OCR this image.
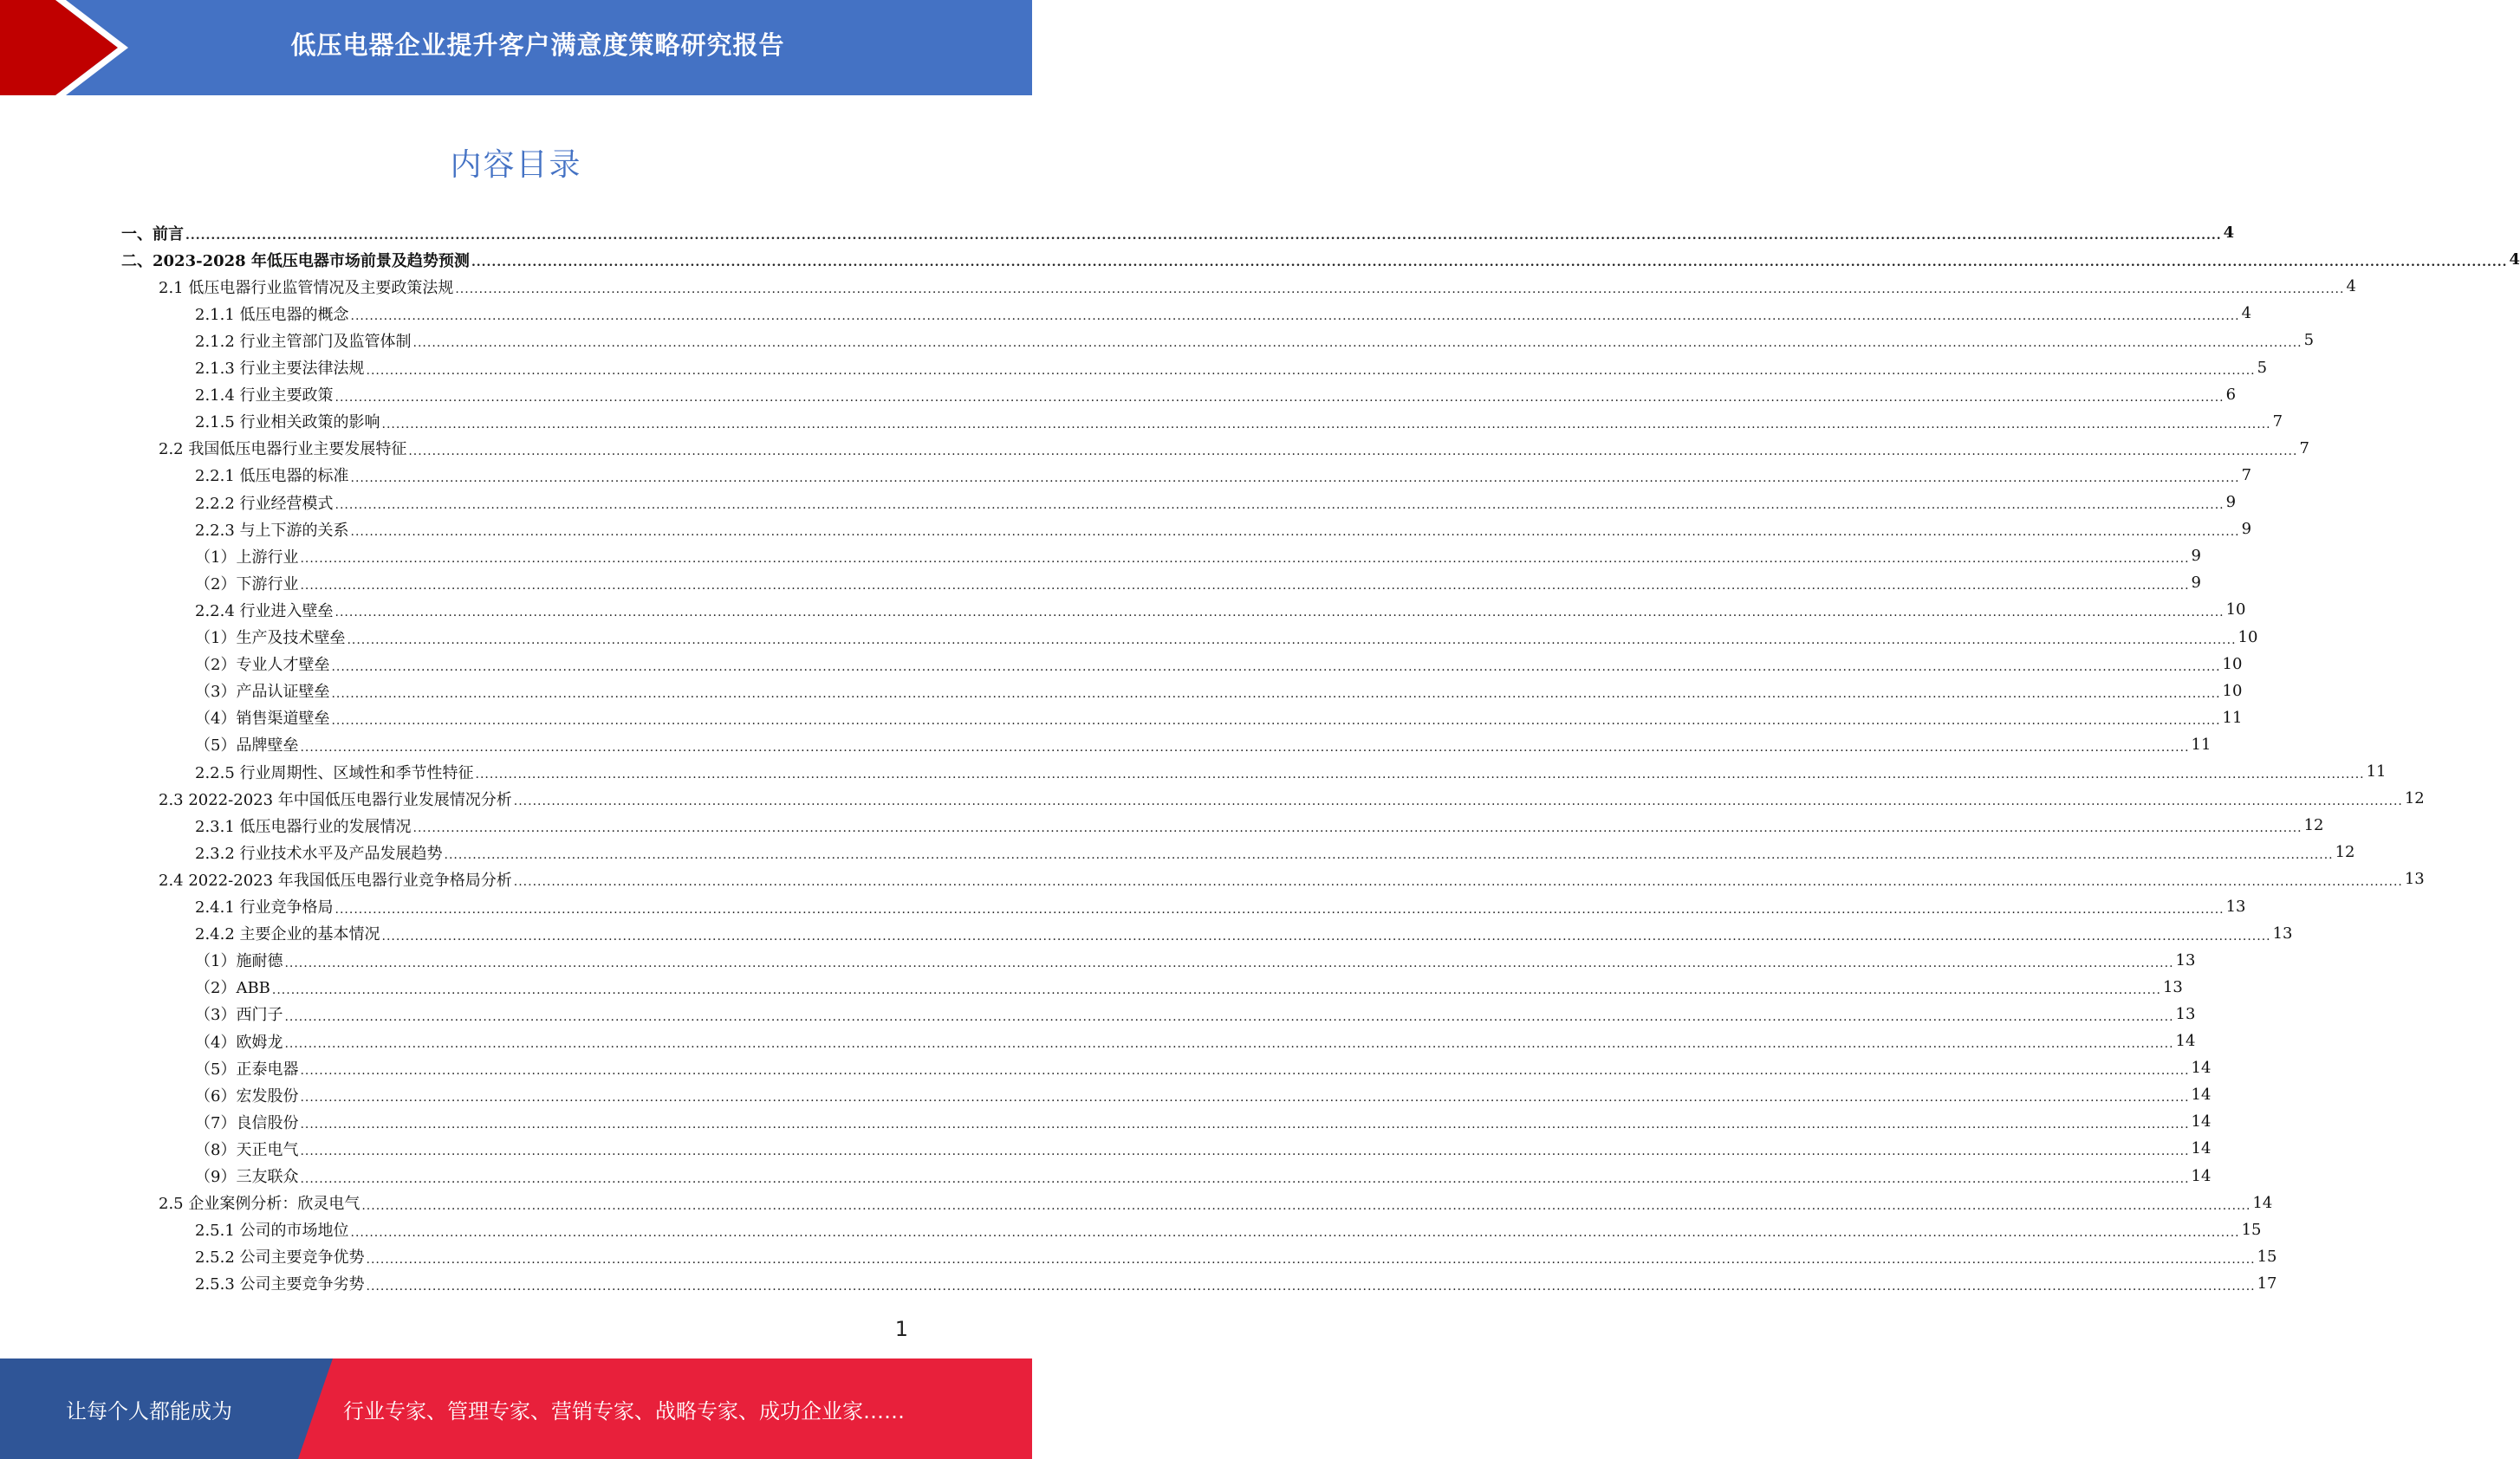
低压电器企业提升客户满意度策略研究报告
内容目录
一、前言 ................................................................................................................................................................................................................................................................................................................................................................................................................ 4
二、2023-2028 年低压电器市场前景及趋势预测 ................................................................................................................................................................................................................................................................................................................................................................................................................ 4
2.1 低压电器行业监管情况及主要政策法规 ................................................................................................................................................................................................................................................................................................................................................................................................................ 4
2.1.1 低压电器的概念 ................................................................................................................................................................................................................................................................................................................................................................................................................ 4
2.1.2 行业主管部门及监管体制 ................................................................................................................................................................................................................................................................................................................................................................................................................ 5
2.1.3 行业主要法律法规 ................................................................................................................................................................................................................................................................................................................................................................................................................ 5
2.1.4 行业主要政策 ................................................................................................................................................................................................................................................................................................................................................................................................................ 6
2.1.5 行业相关政策的影响 ................................................................................................................................................................................................................................................................................................................................................................................................................ 7
2.2 我国低压电器行业主要发展特征 ................................................................................................................................................................................................................................................................................................................................................................................................................ 7
2.2.1 低压电器的标准 ................................................................................................................................................................................................................................................................................................................................................................................................................ 7
2.2.2 行业经营模式 ................................................................................................................................................................................................................................................................................................................................................................................................................ 9
2.2.3 与上下游的关系 ................................................................................................................................................................................................................................................................................................................................................................................................................ 9
（1）上游行业 ................................................................................................................................................................................................................................................................................................................................................................................................................ 9
（2）下游行业 ................................................................................................................................................................................................................................................................................................................................................................................................................ 9
2.2.4 行业进入壁垒 ................................................................................................................................................................................................................................................................................................................................................................................................................ 10
（1）生产及技术壁垒 ................................................................................................................................................................................................................................................................................................................................................................................................................ 10
（2）专业人才壁垒 ................................................................................................................................................................................................................................................................................................................................................................................................................ 10
（3）产品认证壁垒 ................................................................................................................................................................................................................................................................................................................................................................................................................ 10
（4）销售渠道壁垒 ................................................................................................................................................................................................................................................................................................................................................................................................................ 11
（5）品牌壁垒 ................................................................................................................................................................................................................................................................................................................................................................................................................ 11
2.2.5 行业周期性、区域性和季节性特征 ................................................................................................................................................................................................................................................................................................................................................................................................................ 11
2.3 2022-2023 年中国低压电器行业发展情况分析 ................................................................................................................................................................................................................................................................................................................................................................................................................ 12
2.3.1 低压电器行业的发展情况 ................................................................................................................................................................................................................................................................................................................................................................................................................ 12
2.3.2 行业技术水平及产品发展趋势 ................................................................................................................................................................................................................................................................................................................................................................................................................ 12
2.4 2022-2023 年我国低压电器行业竞争格局分析 ................................................................................................................................................................................................................................................................................................................................................................................................................ 13
2.4.1 行业竞争格局 ................................................................................................................................................................................................................................................................................................................................................................................................................ 13
2.4.2 主要企业的基本情况 ................................................................................................................................................................................................................................................................................................................................................................................................................ 13
（1）施耐德 ................................................................................................................................................................................................................................................................................................................................................................................................................ 13
（2）ABB ................................................................................................................................................................................................................................................................................................................................................................................................................ 13
（3）西门子 ................................................................................................................................................................................................................................................................................................................................................................................................................ 13
（4）欧姆龙 ................................................................................................................................................................................................................................................................................................................................................................................................................ 14
（5）正泰电器 ................................................................................................................................................................................................................................................................................................................................................................................................................ 14
（6）宏发股份 ................................................................................................................................................................................................................................................................................................................................................................................................................ 14
（7）良信股份 ................................................................................................................................................................................................................................................................................................................................................................................................................ 14
（8）天正电气 ................................................................................................................................................................................................................................................................................................................................................................................................................ 14
（9）三友联众 ................................................................................................................................................................................................................................................................................................................................................................................................................ 14
2.5 企业案例分析：欣灵电气 ................................................................................................................................................................................................................................................................................................................................................................................................................ 14
2.5.1 公司的市场地位 ................................................................................................................................................................................................................................................................................................................................................................................................................ 15
2.5.2 公司主要竞争优势 ................................................................................................................................................................................................................................................................................................................................................................................................................ 15
2.5.3 公司主要竞争劣势 ................................................................................................................................................................................................................................................................................................................................................................................................................ 17
1
让每个人都能成为	行业专家、管理专家、营销专家、战略专家、成功企业家……
